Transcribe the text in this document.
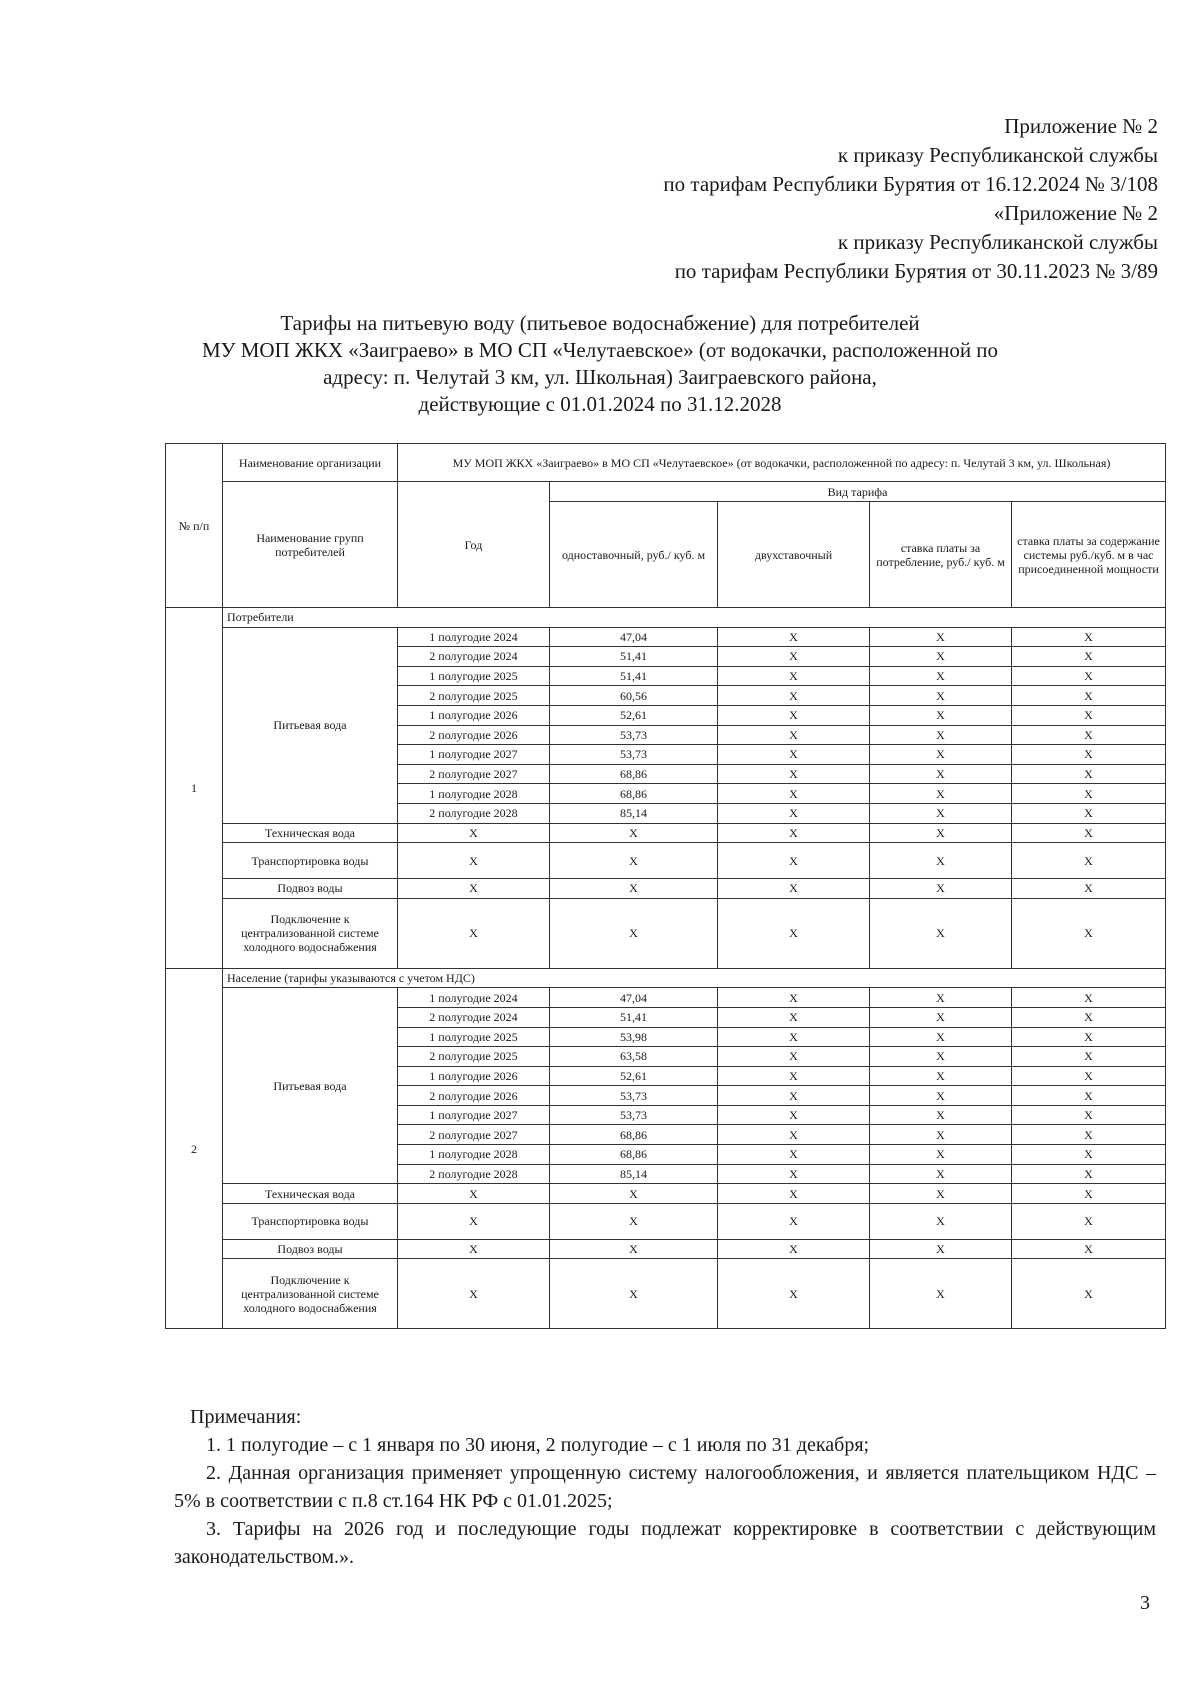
Приложение № 2
к приказу Республиканской службы
по тарифам Республики Бурятия от 16.12.2024 № 3/108
«Приложение № 2
к приказу Республиканской службы
по тарифам Республики Бурятия от 30.11.2023 № 3/89
Тарифы на питьевую воду (питьевое водоснабжение) для потребителей
МУ МОП ЖКХ «Заиграево» в МО СП «Челутаевское» (от водокачки, расположенной по
адресу: п. Челутай 3 км, ул. Школьная) Заиграевского района,
действующие с 01.01.2024 по 31.12.2028
№ п/п	Наименование организации	МУ МОП ЖКХ «Заиграево» в МО СП «Челутаевское» (от водокачки, расположенной по адресу: п. Челутай 3 км, ул. Школьная)				
	Наименование групп потребителей	Год	Вид тарифа			
			одноставочный, руб./ куб. м	двухставочный	ставка платы за потребление, руб./ куб. м	ставка платы за содержание системы руб./куб. м в час присоединенной мощности
1	Потребители					
	Питьевая вода	1 полугодие 2024	47,04	X	X	X
		2 полугодие 2024	51,41	X	X	X
		1 полугодие 2025	51,41	X	X	X
		2 полугодие 2025	60,56	X	X	X
		1 полугодие 2026	52,61	X	X	X
		2 полугодие 2026	53,73	X	X	X
		1 полугодие 2027	53,73	X	X	X
		2 полугодие 2027	68,86	X	X	X
		1 полугодие 2028	68,86	X	X	X
		2 полугодие 2028	85,14	X	X	X
	Техническая вода	X	X	X	X	X
	Транспортировка воды	X	X	X	X	X
	Подвоз воды	X	X	X	X	X
	Подключение к централизованной системе холодного водоснабжения	X	X	X	X	X
2	Население (тарифы указываются с учетом НДС)					
	Питьевая вода	1 полугодие 2024	47,04	X	X	X
		2 полугодие 2024	51,41	X	X	X
		1 полугодие 2025	53,98	X	X	X
		2 полугодие 2025	63,58	X	X	X
		1 полугодие 2026	52,61	X	X	X
		2 полугодие 2026	53,73	X	X	X
		1 полугодие 2027	53,73	X	X	X
		2 полугодие 2027	68,86	X	X	X
		1 полугодие 2028	68,86	X	X	X
		2 полугодие 2028	85,14	X	X	X
	Техническая вода	X	X	X	X	X
	Транспортировка воды	X	X	X	X	X
	Подвоз воды	X	X	X	X	X
	Подключение к централизованной системе холодного водоснабжения	X	X	X	X	X

Примечания:

1. 1 полугодие – с 1 января по 30 июня, 2 полугодие – с 1 июля по 31 декабря;

2. Данная организация применяет упрощенную систему налогообложения, и является плательщиком НДС – 5% в соответствии с п.8 ст.164 НК РФ с 01.01.2025;

3. Тарифы на 2026 год и последующие годы подлежат корректировке в соответствии с действующим законодательством.».

3
